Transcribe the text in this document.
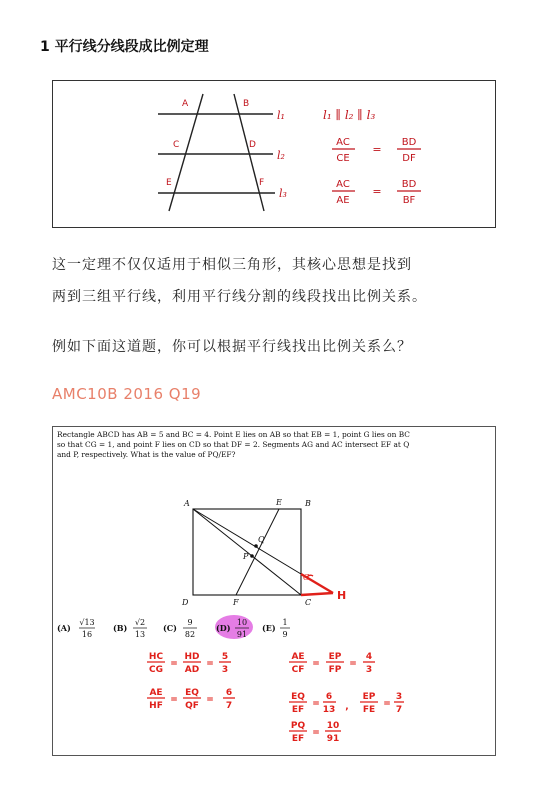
1 平行线分线段成比例定理
A	B
C	D
E	F
l₁
l₂
l₃
l₁ ∥ l₂ ∥ l₃
AC
CE
=
BD
DF
AC
AE
=
BD
BF
这一定理不仅仅适用于相似三角形，其核心思想是找到
两到三组平行线，利用平行线分割的线段找出比例关系。
例如下面这道题，你可以根据平行线找出比例关系么？
AMC10B 2016 Q19
Rectangle ABCD has AB = 5 and BC = 4. Point E lies on AB so that EB = 1, point G lies on BC
so that CG = 1, and point F lies on CD so that DF = 2. Segments AG and AC intersect EF at Q
and P, respectively. What is the value of PQ/EF?
A	E	B
Q
P
G
H
D	F	C
(A)
√13
16
(B)
√2
13
(C)
9
82
(D)
10
91
(E)
1
9
HC
CG
=
HD
AD
=
5
3
AE
CF
=
EP
FP
=
4
3
AE
HF
=
EQ
QF
=
6
7
EQ
EF
=
6
13 ,
EP
FE
=
3
7
PQ
EF
=
10
91
